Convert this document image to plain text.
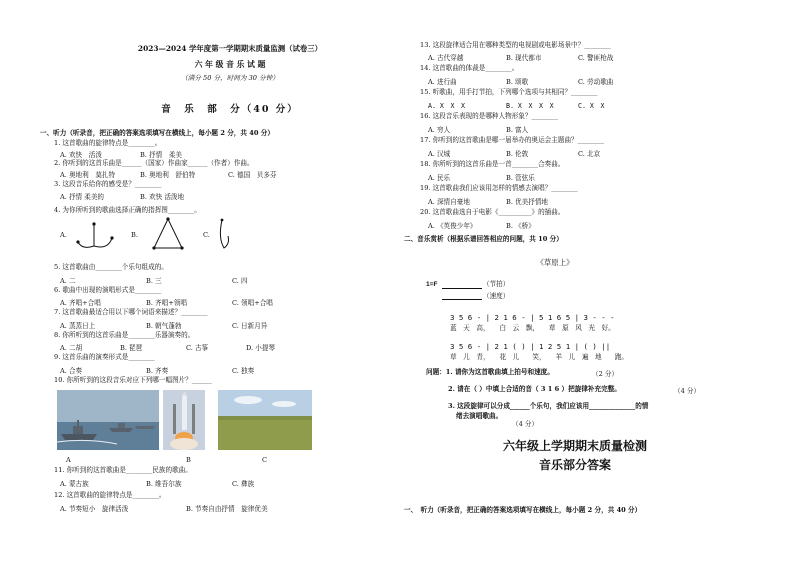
2023—2024 学年度第一学期期末质量监测（试卷三）
六 年 级 音 乐 试 题
（满分 50 分，时间为 30 分钟）
音　乐　部　分（40 分）
一、听力（听录音，把正确的答案选项填写在横线上，每小题 2 分，共 40 分）
1. 这首歌曲的旋律特点是________。
A. 欢快　活泼	B. 抒情　柔美
2. 你听到的这首乐曲是______（国家）作曲家______（作者）作曲。
A. 奥地利　莫扎特	B. 奥地利　舒伯特	C. 德国　贝多芬
3. 这段音乐给你的感受是？________
A. 抒情 柔美的	B. 欢快 活泼地
4. 为你所听到的歌曲选择正确的指挥图________。
A.	B.	C.
5. 这首歌曲由________个乐句组成的。
A. 二	B. 三	C. 四
6. 歌曲中出现的演唱形式是________
A. 齐唱+合唱	B. 齐唱+领唱	C. 领唱+合唱
7. 这首歌曲最适合用以下哪个词语来描述？________
A. 蒸蒸日上	B. 朝气蓬勃	C. 日新月异
8. 你所听到的这首乐曲是________乐器演奏的。
A. 二胡	B. 琵琶	C. 古筝	D. 小提琴
9. 这首乐曲的演奏形式是________
A. 合奏	B. 齐奏	C. 独奏
10. 你所听到的这段音乐对应下列哪一幅图片？______
A	B	C
11. 你听到的这首歌曲是________民族的歌曲。
A. 蒙古族	B. 维吾尔族	C. 彝族
12. 这首歌曲的旋律特点是________。
A. 节奏短小　旋律活泼	B. 节奏自由抒情　旋律优美
13. 这段旋律适合用在哪种类型的电视剧或电影场景中？________
A. 古代穿越	B. 现代都市	C. 警匪枪战
14. 这首歌曲的体裁是________。
A. 进行曲	B. 颂歌	C. 劳动歌曲
15. 听歌曲，用手打节拍，下列哪个选项与其相同？________
A. X　X　X	B. X　X　X　X	C. X　X
16. 这段音乐表现的是哪种人物形象？________
A. 穷人	B. 富人
17. 你听到的这首歌曲是哪一届举办的奥运会主题曲？________
A. 汉城	B. 伦敦	C. 北京
18. 你所听到的这首乐曲是一首________合奏曲。
A. 民乐	B. 管弦乐
19. 这首歌曲我们应该用怎样的情感去演唱？________
A. 深情自豪地	B. 优美抒情地
20. 这首歌曲选自于电影《__________》的插曲。
A. 《英俊少年》	B. 《桥》
二、音乐赏析（根据乐谱回答相应的问题，共 10 分）
《草原上》
1=F	（节拍）
（速度）
3 5 6 - | 2 1 6 - | 5 1 6 5 | 3 - - -
蓝　天　高，　　白　云　飘，　　草　原　风　光　好。
3 5 6 - | 2 1 ( ) | 1 2 5 1 | ( ) ||
草　儿　青，　　花　儿　　笑，　　羊　儿　遍　地　　跑。
问题：1. 请你为这首歌曲填上拍号和速度。	（2 分）
2. 请在（ ）中填上合适的音（ 3 1 6 ）把旋律补充完整。	（4 分）
3. 这段旋律可以分成______个乐句，我们应该用______________的情
绪去演唱歌曲。
（4 分）
六年级上学期期末质量检测
音乐部分答案
一、　听力（听录音，把正确的答案选项填写在横线上，每小题 2 分，共 40 分）
